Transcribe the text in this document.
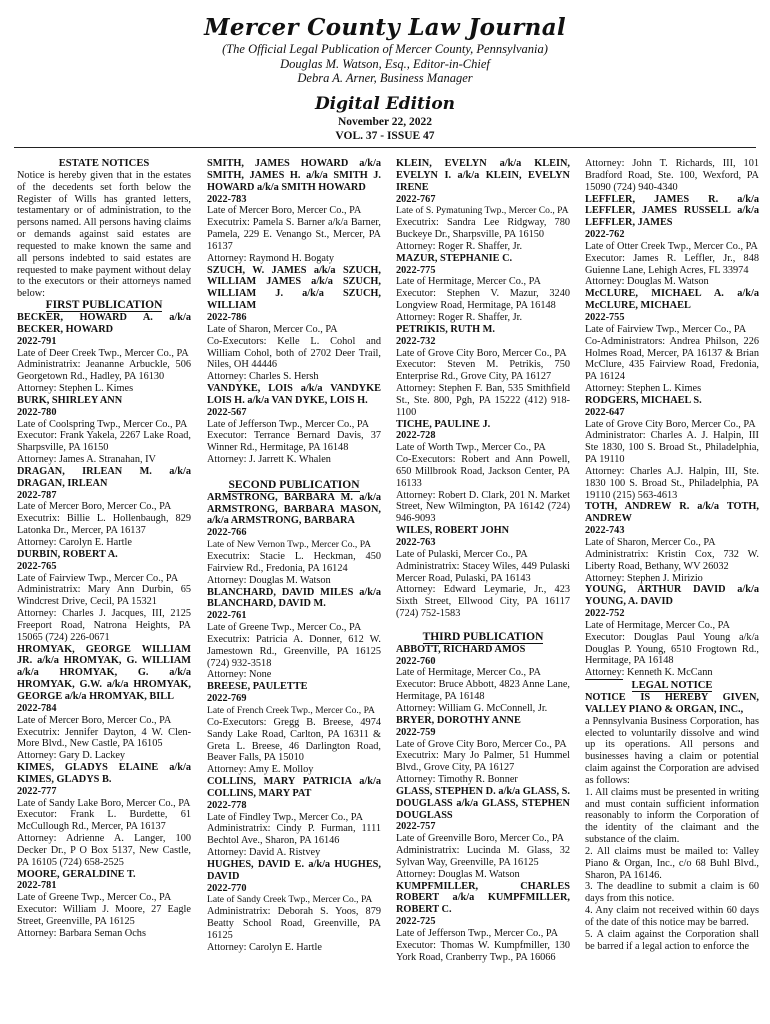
Mercer County Law Journal
(The Official Legal Publication of Mercer County, Pennsylvania)
Douglas M. Watson, Esq., Editor-in-Chief
Debra A. Arner, Business Manager
Digital Edition
November 22, 2022
VOL. 37 - ISSUE 47
ESTATE NOTICES
Notice is hereby given that in the estates of the decedents set forth below the Register of Wills has granted letters, testamentary or of administration, to the persons named. All persons having claims or demands against said estates are requested to make known the same and all persons indebted to said estates are requested to make payment without delay to the executors or their attorneys named below:
FIRST PUBLICATION
BECKER, HOWARD A. a/k/a BECKER, HOWARD
2022-791
Late of Deer Creek Twp., Mercer Co., PA
Administratrix: Jeananne Arbuckle, 506 Georgetown Rd., Hadley, PA 16130
Attorney: Stephen L. Kimes
BURK, SHIRLEY ANN
2022-780
Late of Coolspring Twp., Mercer Co., PA
Executor: Frank Yakela, 2267 Lake Road, Sharpsville, PA 16150
Attorney: James A. Stranahan, IV
DRAGAN, IRLEAN M. a/k/a DRAGAN, IRLEAN
2022-787
Late of Mercer Boro, Mercer Co., PA
Executrix: Billie L. Hollenbaugh, 829 Latonka Dr., Mercer, PA 16137
Attorney: Carolyn E. Hartle
DURBIN, ROBERT A.
2022-765
Late of Fairview Twp., Mercer Co., PA
Administratrix: Mary Ann Durbin, 65 Windcrest Drive, Cecil, PA 15321
Attorney: Charles J. Jacques, III, 2125 Freeport Road, Natrona Heights, PA 15065 (724) 226-0671
HROMYAK, GEORGE WILLIAM JR. a/k/a HROMYAK, G. WILLIAM a/k/a HROMYAK, G. a/k/a HROMYAK, G.W. a/k/a HROMYAK, GEORGE a/k/a HROMYAK, BILL
2022-784
Late of Mercer Boro, Mercer Co., PA
Executrix: Jennifer Dayton, 4 W. Clen-More Blvd., New Castle, PA 16105
Attorney: Gary D. Lackey
KIMES, GLADYS ELAINE a/k/a KIMES, GLADYS B.
2022-777
Late of Sandy Lake Boro, Mercer Co., PA
Executor: Frank L. Burdette, 61 McCullough Rd., Mercer, PA 16137
Attorney: Adrienne A. Langer, 100 Decker Dr., P O Box 5137, New Castle, PA 16105 (724) 658-2525
MOORE, GERALDINE T.
2022-781
Late of Greene Twp., Mercer Co., PA
Executor: William J. Moore, 27 Eagle Street, Greenville, PA 16125
Attorney: Barbara Seman Ochs
SMITH, JAMES HOWARD a/k/a SMITH, JAMES H. a/k/a SMITH J. HOWARD a/k/a SMITH HOWARD
2022-783
Late of Mercer Boro, Mercer Co., PA
Executrix: Pamela S. Barner a/k/a Barner, Pamela, 229 E. Venango St., Mercer, PA 16137
Attorney: Raymond H. Bogaty
SZUCH, W. JAMES a/k/a SZUCH, WILLIAM JAMES a/k/a SZUCH, WILLIAM J. a/k/a SZUCH, WILLIAM
2022-786
Late of Sharon, Mercer Co., PA
Co-Executors: Kelle L. Cohol and William Cohol, both of 2702 Deer Trail, Niles, OH 44446
Attorney: Charles S. Hersh
VANDYKE, LOIS a/k/a VANDYKE LOIS H. a/k/a VAN DYKE, LOIS H.
2022-567
Late of Jefferson Twp., Mercer Co., PA
Executor: Terrance Bernard Davis, 37 Winner Rd., Hermitage, PA 16148
Attorney: J. Jarrett K. Whalen
SECOND PUBLICATION
ARMSTRONG, BARBARA M. a/k/a ARMSTRONG, BARBARA MASON, a/k/a ARMSTRONG, BARBARA
2022-766
Late of New Vernon Twp., Mercer Co., PA
Executrix: Stacie L. Heckman, 450 Fairview Rd., Fredonia, PA 16124
Attorney: Douglas M. Watson
BLANCHARD, DAVID MILES a/k/a BLANCHARD, DAVID M.
2022-761
Late of Greene Twp., Mercer Co., PA
Executrix: Patricia A. Donner, 612 W. Jamestown Rd., Greenville, PA 16125 (724) 932-3518
Attorney: None
BREESE, PAULETTE
2022-769
Late of French Creek Twp., Mercer Co., PA
Co-Executors: Gregg B. Breese, 4974 Sandy Lake Road, Carlton, PA 16311 & Greta L. Breese, 46 Darlington Road, Beaver Falls, PA 15010
Attorney: Amy E. Molloy
COLLINS, MARY PATRICIA a/k/a COLLINS, MARY PAT
2022-778
Late of Findley Twp., Mercer Co., PA
Administratrix: Cindy P. Furman, 1111 Bechtol Ave., Sharon, PA 16146
Attorney: David A. Ristvey
HUGHES, DAVID E. a/k/a HUGHES, DAVID
2022-770
Late of Sandy Creek Twp., Mercer Co., PA
Administratrix: Deborah S. Yoos, 879 Beatty School Road, Greenville, PA 16125
Attorney: Carolyn E. Hartle
KLEIN, EVELYN a/k/a KLEIN, EVELYN I. a/k/a KLEIN, EVELYN IRENE
2022-767
Late of S. Pymatuning Twp., Mercer Co., PA
Executrix: Sandra Lee Ridgway, 780 Buckeye Dr., Sharpsville, PA 16150
Attorney: Roger R. Shaffer, Jr.
MAZUR, STEPHANIE C.
2022-775
Late of Hermitage, Mercer Co., PA
Executor: Stephen V. Mazur, 3240 Longview Road, Hermitage, PA 16148
Attorney: Roger R. Shaffer, Jr.
PETRIKIS, RUTH M.
2022-732
Late of Grove City Boro, Mercer Co., PA
Executor: Steven M. Petrikis, 750 Enterprise Rd., Grove City, PA 16127
Attorney: Stephen F. Ban, 535 Smithfield St., Ste. 800, Pgh, PA 15222 (412) 918-1100
TICHE, PAULINE J.
2022-728
Late of Worth Twp., Mercer Co., PA
Co-Executors: Robert and Ann Powell, 650 Millbrook Road, Jackson Center, PA 16133
Attorney: Robert D. Clark, 201 N. Market Street, New Wilmington, PA 16142 (724) 946-9093
WILES, ROBERT JOHN
2022-763
Late of Pulaski, Mercer Co., PA
Administratrix: Stacey Wiles, 449 Pulaski Mercer Road, Pulaski, PA 16143
Attorney: Edward Leymarie, Jr., 423 Sixth Street, Ellwood City, PA 16117 (724) 752-1583
THIRD PUBLICATION
ABBOTT, RICHARD AMOS
2022-760
Late of Hermitage, Mercer Co., PA
Executor: Bruce Abbott, 4823 Anne Lane, Hermitage, PA 16148
Attorney: William G. McConnell, Jr.
BRYER, DOROTHY ANNE
2022-759
Late of Grove City Boro, Mercer Co., PA
Executrix: Mary Jo Palmer, 51 Hummel Blvd., Grove City, PA 16127
Attorney: Timothy R. Bonner
GLASS, STEPHEN D. a/k/a GLASS, S. DOUGLASS a/k/a GLASS, STEPHEN DOUGLASS
2022-757
Late of Greenville Boro, Mercer Co., PA
Administratrix: Lucinda M. Glass, 32 Sylvan Way, Greenville, PA 16125
Attorney: Douglas M. Watson
KUMPFMILLER, CHARLES ROBERT a/k/a KUMPFMILLER, ROBERT C.
2022-725
Late of Jefferson Twp., Mercer Co., PA
Executor: Thomas W. Kumpfmiller, 130 York Road, Cranberry Twp., PA 16066
Attorney: John T. Richards, III, 101 Bradford Road, Ste. 100, Wexford, PA 15090 (724) 940-4340
LEFFLER, JAMES R. a/k/a LEFFLER, JAMES RUSSELL a/k/a LEFFLER, JAMES
2022-762
Late of Otter Creek Twp., Mercer Co., PA
Executor: James R. Leffler, Jr., 848 Guienne Lane, Lehigh Acres, FL 33974
Attorney: Douglas M. Watson
McCLURE, MICHAEL A. a/k/a McCLURE, MICHAEL
2022-755
Late of Fairview Twp., Mercer Co., PA
Co-Administrators: Andrea Philson, 226 Holmes Road, Mercer, PA 16137 & Brian McClure, 435 Fairview Road, Fredonia, PA 16124
Attorney: Stephen L. Kimes
RODGERS, MICHAEL S.
2022-647
Late of Grove City Boro, Mercer Co., PA
Administrator: Charles A. J. Halpin, III Ste 1830, 100 S. Broad St., Philadelphia, PA 19110
Attorney: Charles A.J. Halpin, III, Ste. 1830 100 S. Broad St., Philadelphia, PA 19110 (215) 563-4613
TOTH, ANDREW R. a/k/a TOTH, ANDREW
2022-743
Late of Sharon, Mercer Co., PA
Administratrix: Kristin Cox, 732 W. Liberty Road, Bethany, WV 26032
Attorney: Stephen J. Mirizio
YOUNG, ARTHUR DAVID a/k/a YOUNG, A. DAVID
2022-752
Late of Hermitage, Mercer Co., PA
Executor: Douglas Paul Young a/k/a Douglas P. Young, 6510 Frogtown Rd., Hermitage, PA 16148
Attorney: Kenneth K. McCann
LEGAL NOTICE
NOTICE IS HEREBY GIVEN, VALLEY PIANO & ORGAN, INC.,
a Pennsylvania Business Corporation, has elected to voluntarily dissolve and wind up its operations. All persons and businesses having a claim or potential claim against the Corporation are advised as follows:
1. All claims must be presented in writing and must contain sufficient information reasonably to inform the Corporation of the identity of the claimant and the substance of the claim.
2. All claims must be mailed to: Valley Piano & Organ, Inc., c/o 68 Buhl Blvd., Sharon, PA 16146.
3. The deadline to submit a claim is 60 days from this notice.
4. Any claim not received within 60 days of the date of this notice may be barred.
5. A claim against the Corporation shall be barred if a legal action to enforce the
